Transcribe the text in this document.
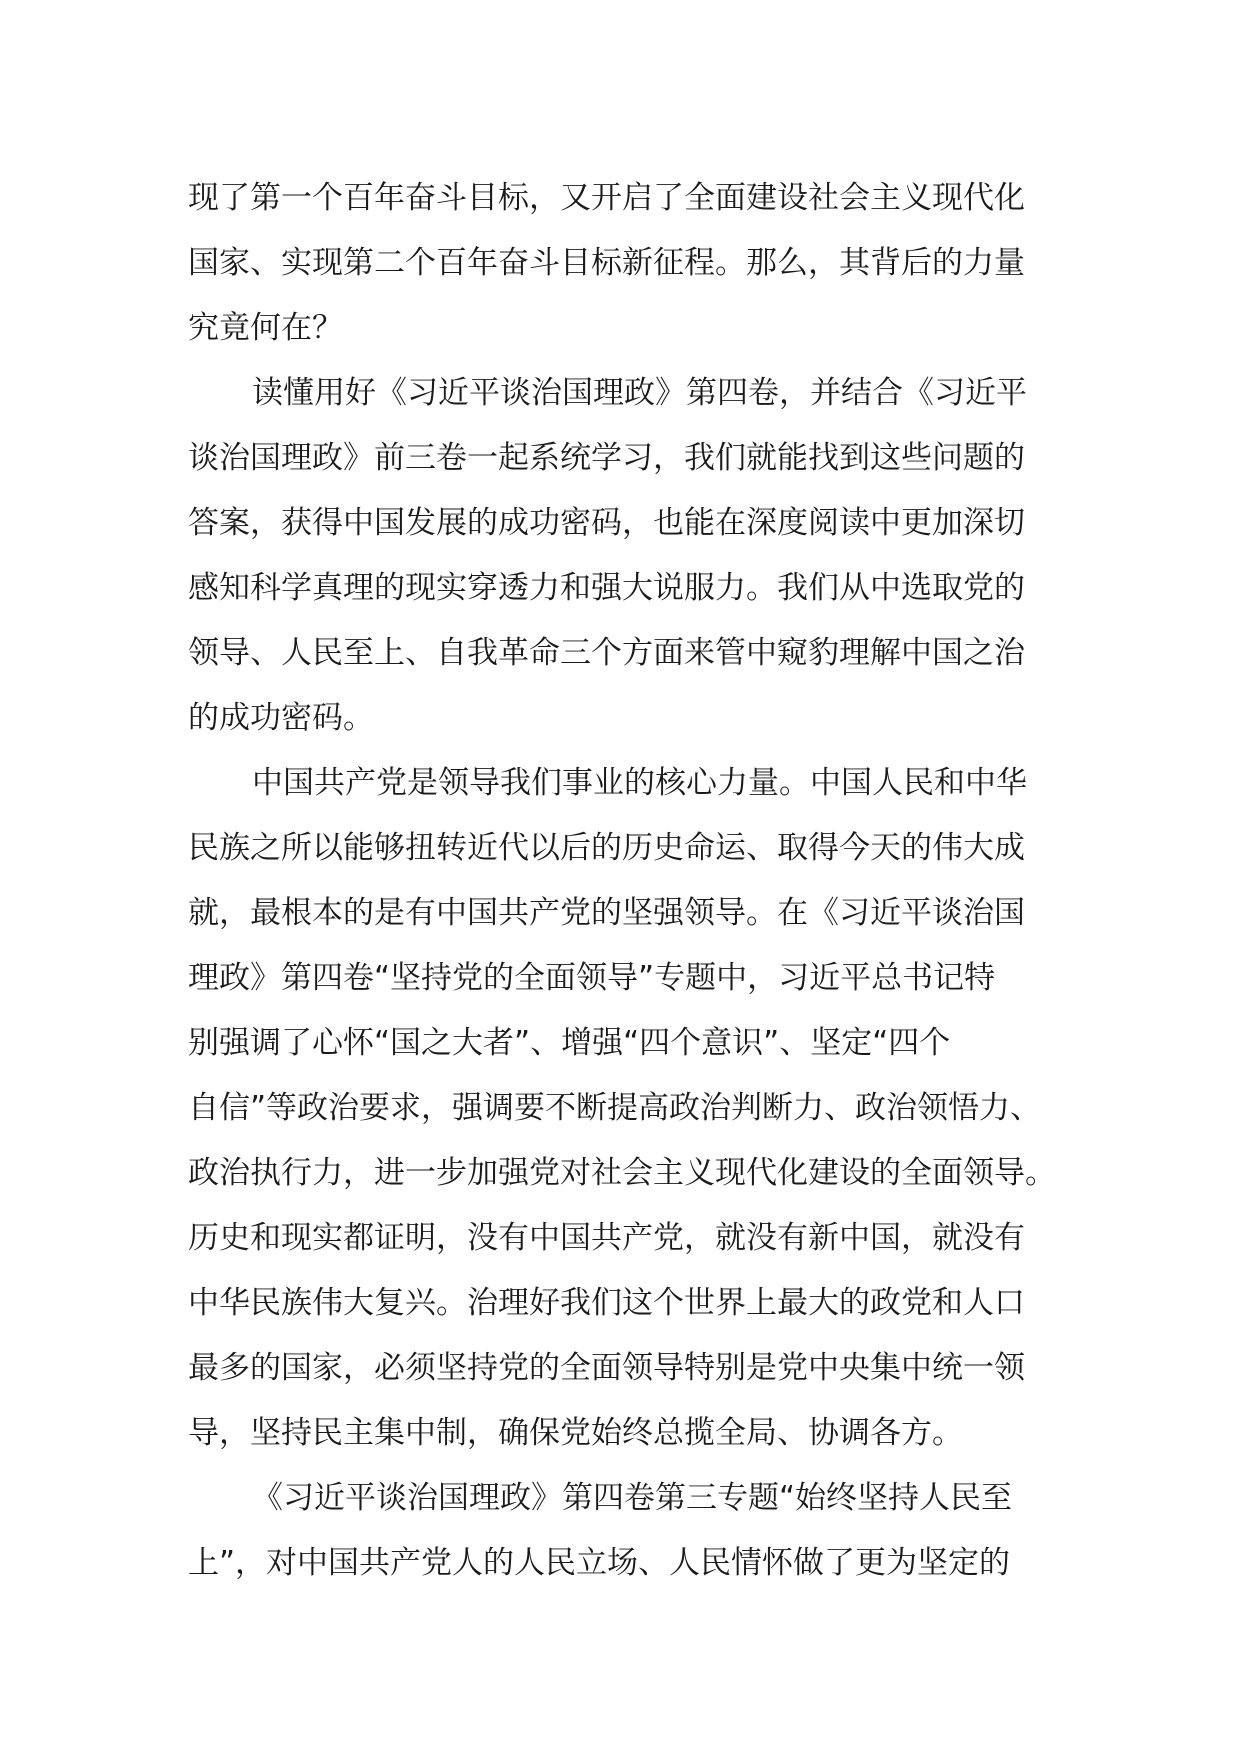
现了第一个百年奋斗目标，又开启了全面建设社会主义现代化
国家、实现第二个百年奋斗目标新征程。那么，其背后的力量
究竟何在？
读懂用好《习近平谈治国理政》第四卷，并结合《习近平
谈治国理政》前三卷一起系统学习，我们就能找到这些问题的
答案，获得中国发展的成功密码，也能在深度阅读中更加深切
感知科学真理的现实穿透力和强大说服力。我们从中选取党的
领导、人民至上、自我革命三个方面来管中窥豹理解中国之治
的成功密码。
中国共产党是领导我们事业的核心力量。中国人民和中华
民族之所以能够扭转近代以后的历史命运、取得今天的伟大成
就，最根本的是有中国共产党的坚强领导。在《习近平谈治国
理政》第四卷“坚持党的全面领导”专题中，习近平总书记特
别强调了心怀“国之大者”、增强“四个意识”、坚定“四个
自信”等政治要求，强调要不断提高政治判断力、政治领悟力、
政治执行力，进一步加强党对社会主义现代化建设的全面领导。
历史和现实都证明，没有中国共产党，就没有新中国，就没有
中华民族伟大复兴。治理好我们这个世界上最大的政党和人口
最多的国家，必须坚持党的全面领导特别是党中央集中统一领
导，坚持民主集中制，确保党始终总揽全局、协调各方。
《习近平谈治国理政》第四卷第三专题“始终坚持人民至
上”，对中国共产党人的人民立场、人民情怀做了更为坚定的
